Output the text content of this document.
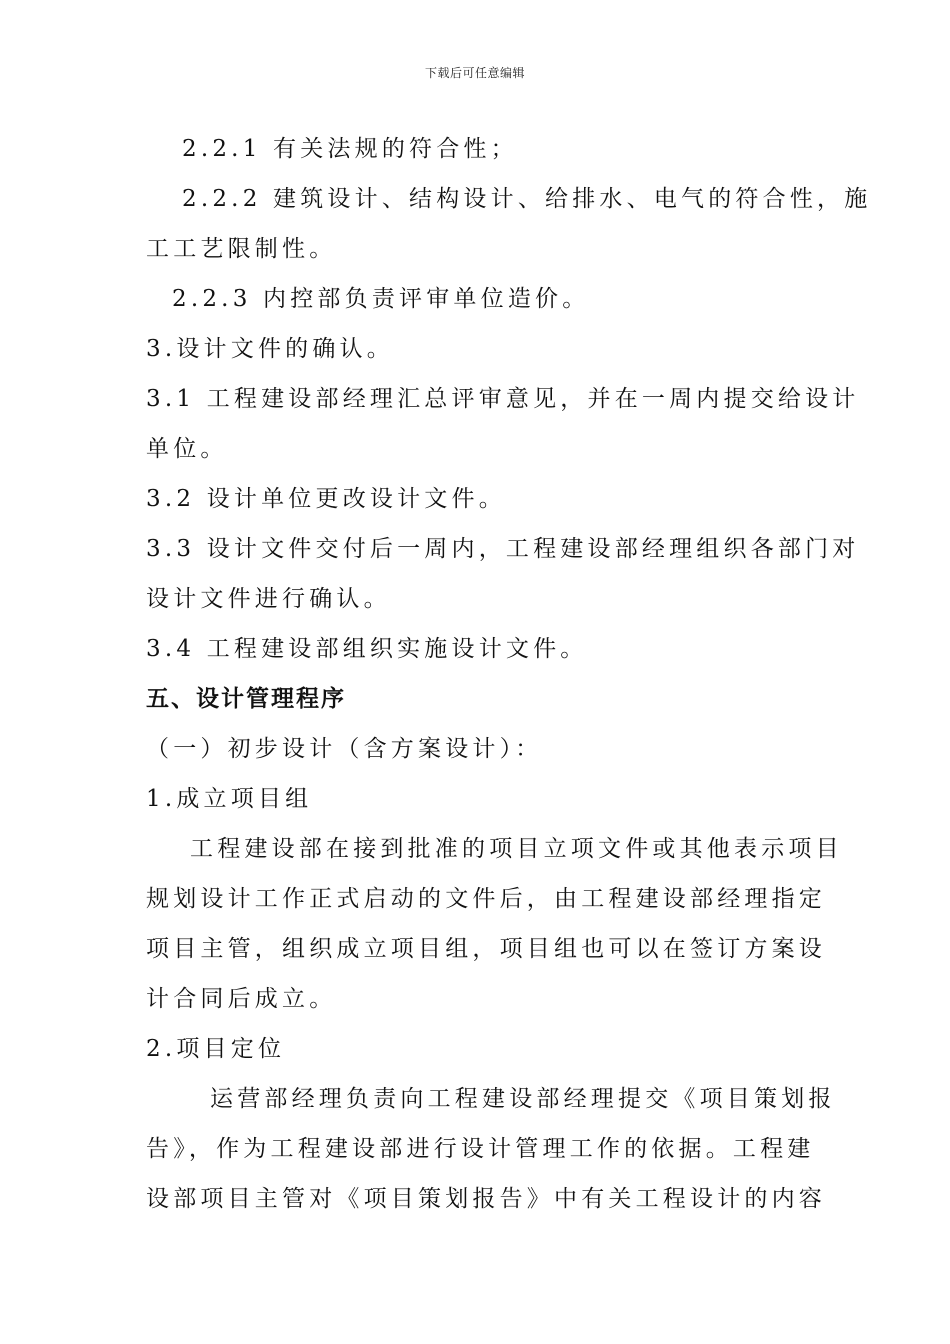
下载后可任意编辑
2.2.1 有关法规的符合性；
2.2.2 建筑设计、结构设计、给排水、电气的符合性，施
工工艺限制性。
2.2.3 内控部负责评审单位造价。
3.设计文件的确认。
3.1 工程建设部经理汇总评审意见，并在一周内提交给设计
单位。
3.2 设计单位更改设计文件。
3.3 设计文件交付后一周内，工程建设部经理组织各部门对
设计文件进行确认。
3.4 工程建设部组织实施设计文件。
五、设计管理程序
（一）初步设计（含方案设计）：
1.成立项目组
工程建设部在接到批准的项目立项文件或其他表示项目
规划设计工作正式启动的文件后，由工程建设部经理指定
项目主管，组织成立项目组，项目组也可以在签订方案设
计合同后成立。
2.项目定位
运营部经理负责向工程建设部经理提交《项目策划报
告》，作为工程建设部进行设计管理工作的依据。工程建
设部项目主管对《项目策划报告》中有关工程设计的内容
